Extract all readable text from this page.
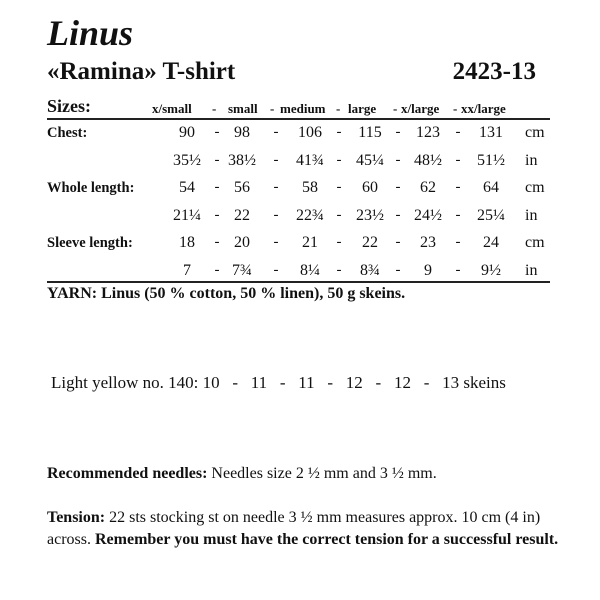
Linus
«Ramina» T-shirt	2423-13
Sizes:	x/small - small - medium - large - x/large - xx/large
Chest:	90	- 98	-	106 -	115 - 123	-	131	cm
35½ - 38½	-	41¾ - 45¼ - 48½ -	51½	in
Whole length:	54	- 56	-	58	-	60	-	62	-	64	cm
21¼ - 22	-	22¾ - 23½ - 24½ -	25¼	in
Sleeve length:	18	- 20	-	21	-	22	-	23	-	24	cm
7	- 7¾	-	8¼	-	8¾	-	9	-	9½	in
YARN: Linus (50 % cotton, 50 % linen), 50 g skeins.
Light yellow no. 140: 10   -   11   -   11   -   12   -   12   -   13 skeins
Recommended needles: Needles size 2 ½ mm and 3 ½ mm.
Tension: 22 sts stocking st on needle 3 ½ mm measures approx. 10 cm (4 in) across. Remember you must have the correct tension for a successful result.
